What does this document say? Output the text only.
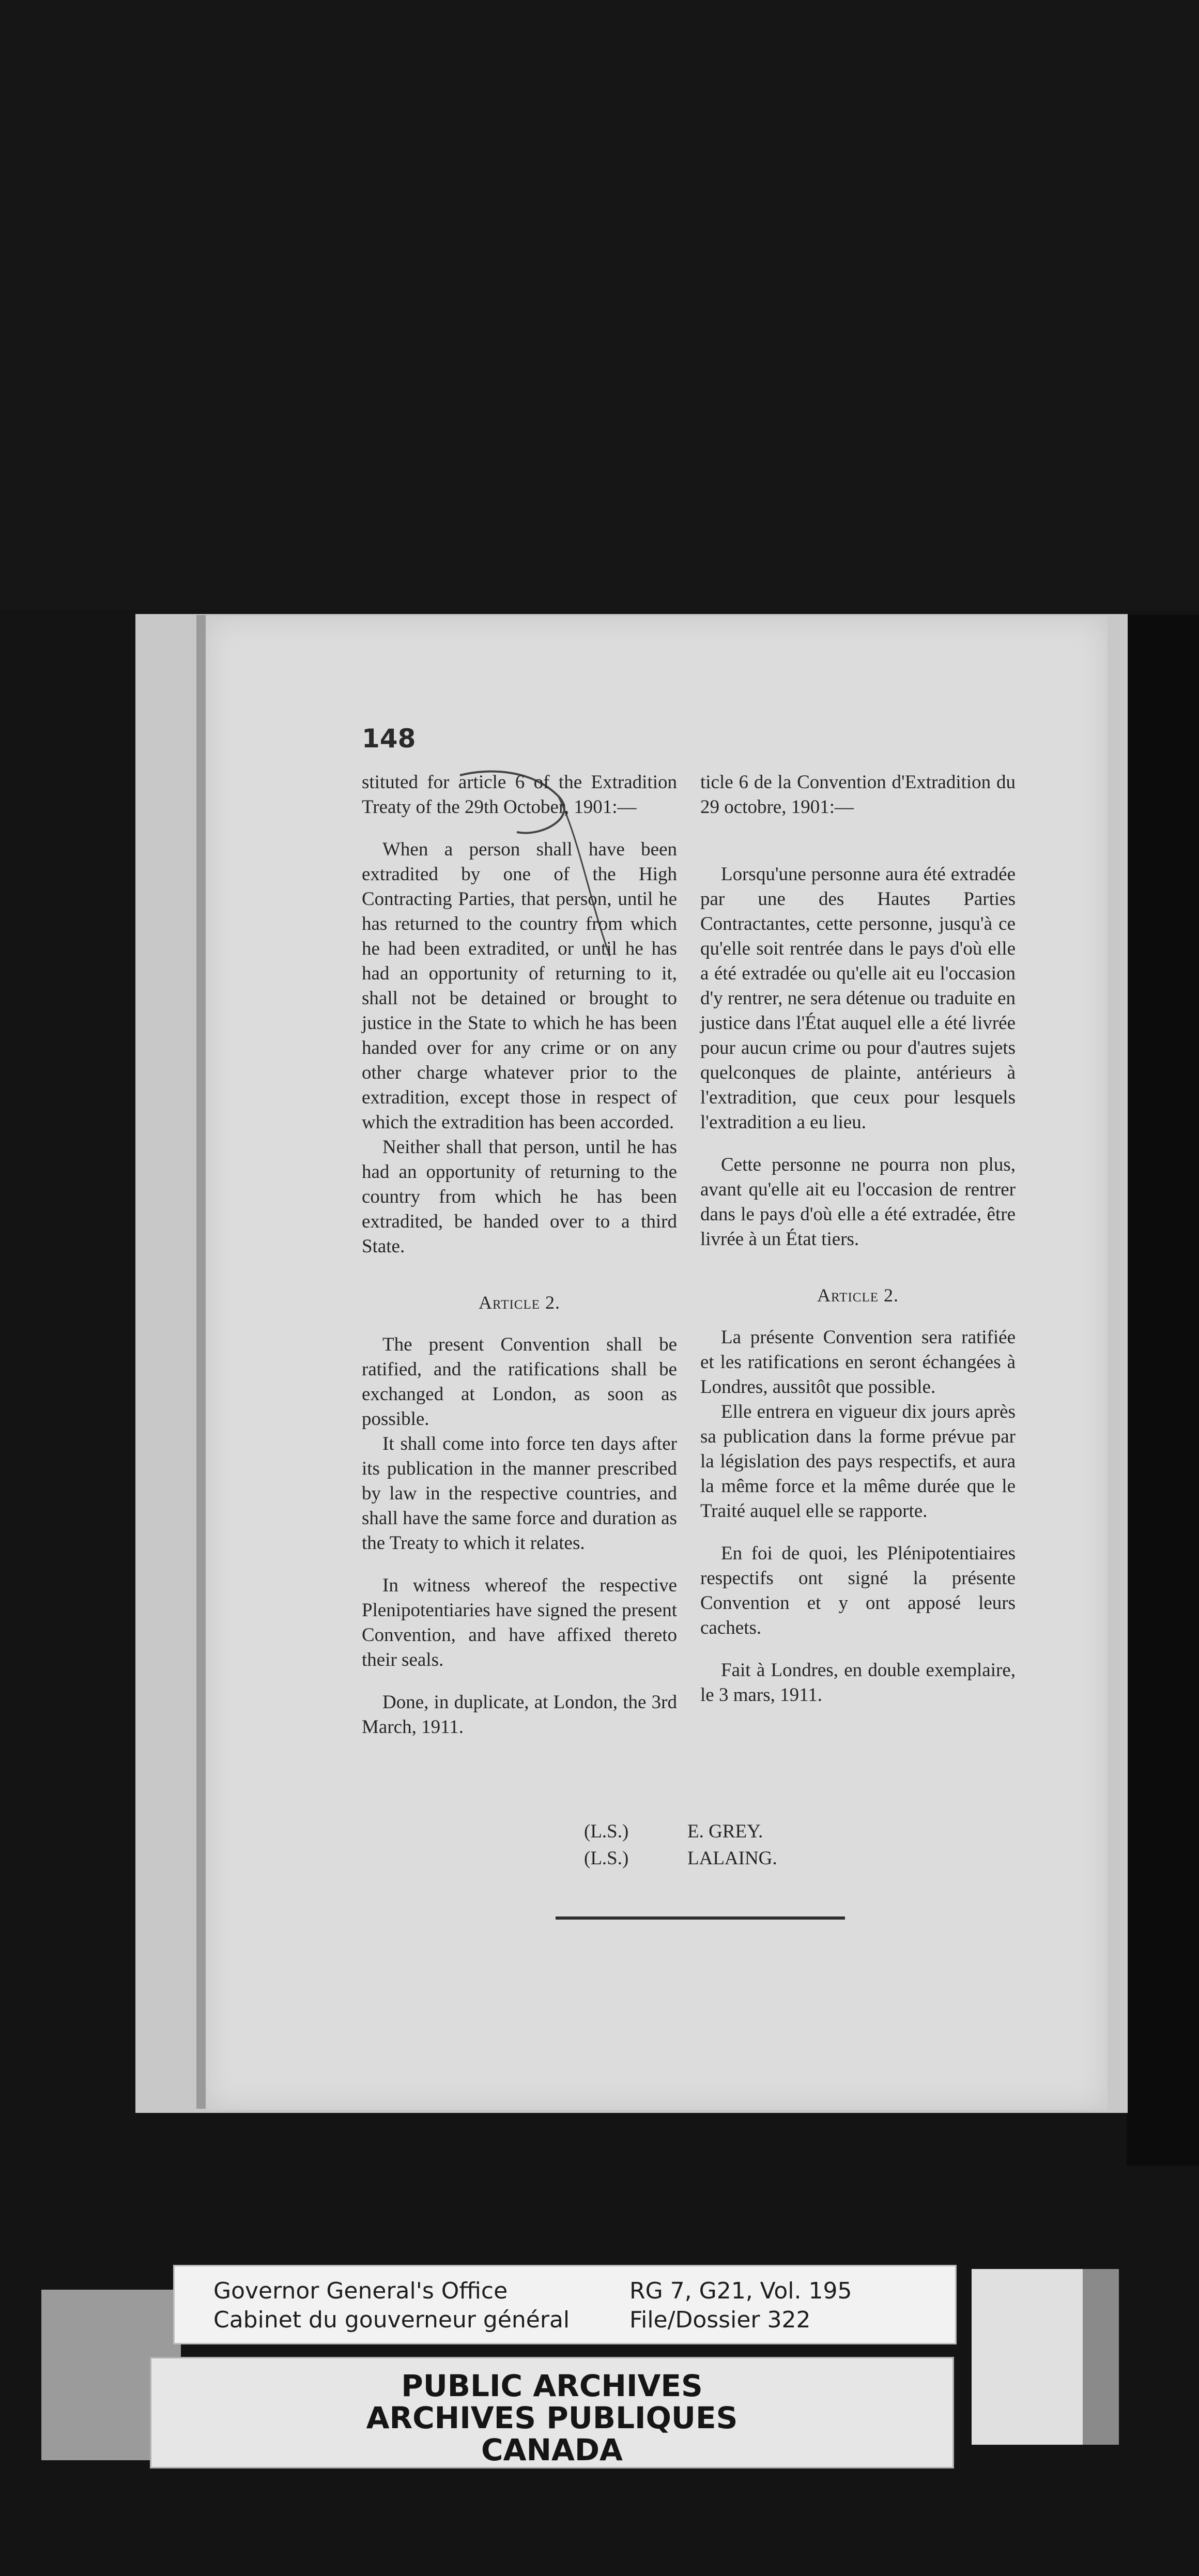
148

stituted for article 6 of the Extradition Treaty of the 29th October, 1901:—

When a person shall have been extradited by one of the High Contracting Parties, that person, until he has returned to the country from which he had been extradited, or until he has had an opportunity of returning to it, shall not be detained or brought to justice in the State to which he has been handed over for any crime or on any other charge whatever prior to the extradition, except those in respect of which the extradition has been accorded.

Neither shall that person, until he has had an opportunity of returning to the country from which he has been extradited, be handed over to a third State.

Article 2.

The present Convention shall be ratified, and the ratifications shall be exchanged at London, as soon as possible.

It shall come into force ten days after its publication in the manner prescribed by law in the respective countries, and shall have the same force and duration as the Treaty to which it relates.

In witness whereof the respective Plenipotentiaries have signed the present Convention, and have affixed thereto their seals.

Done, in duplicate, at London, the 3rd March, 1911.

ticle 6 de la Convention d'Extradition du 29 octobre, 1901:—

Lorsqu'une personne aura été extradée par une des Hautes Parties Contractantes, cette personne, jusqu'à ce qu'elle soit rentrée dans le pays d'où elle a été extradée ou qu'elle ait eu l'occasion d'y rentrer, ne sera détenue ou traduite en justice dans l'État auquel elle a été livrée pour aucun crime ou pour d'autres sujets quelconques de plainte, antérieurs à l'extradition, que ceux pour lesquels l'extradition a eu lieu.

Cette personne ne pourra non plus, avant qu'elle ait eu l'occasion de rentrer dans le pays d'où elle a été extradée, être livrée à un État tiers.

Article 2.

La présente Convention sera ratifiée et les ratifications en seront échangées à Londres, aussitôt que possible.

Elle entrera en vigueur dix jours après sa publication dans la forme prévue par la législation des pays respectifs, et aura la même force et la même durée que le Traité auquel elle se rapporte.

En foi de quoi, les Plénipotentiaires respectifs ont signé la présente Convention et y ont apposé leurs cachets.

Fait à Londres, en double exemplaire, le 3 mars, 1911.

(L.S.)	E. GREY.
(L.S.)	LALAING.
Governor General's Office
Cabinet du gouverneur général
RG 7, G21, Vol. 195
File/Dossier 322
PUBLIC ARCHIVES
ARCHIVES PUBLIQUES
CANADA
